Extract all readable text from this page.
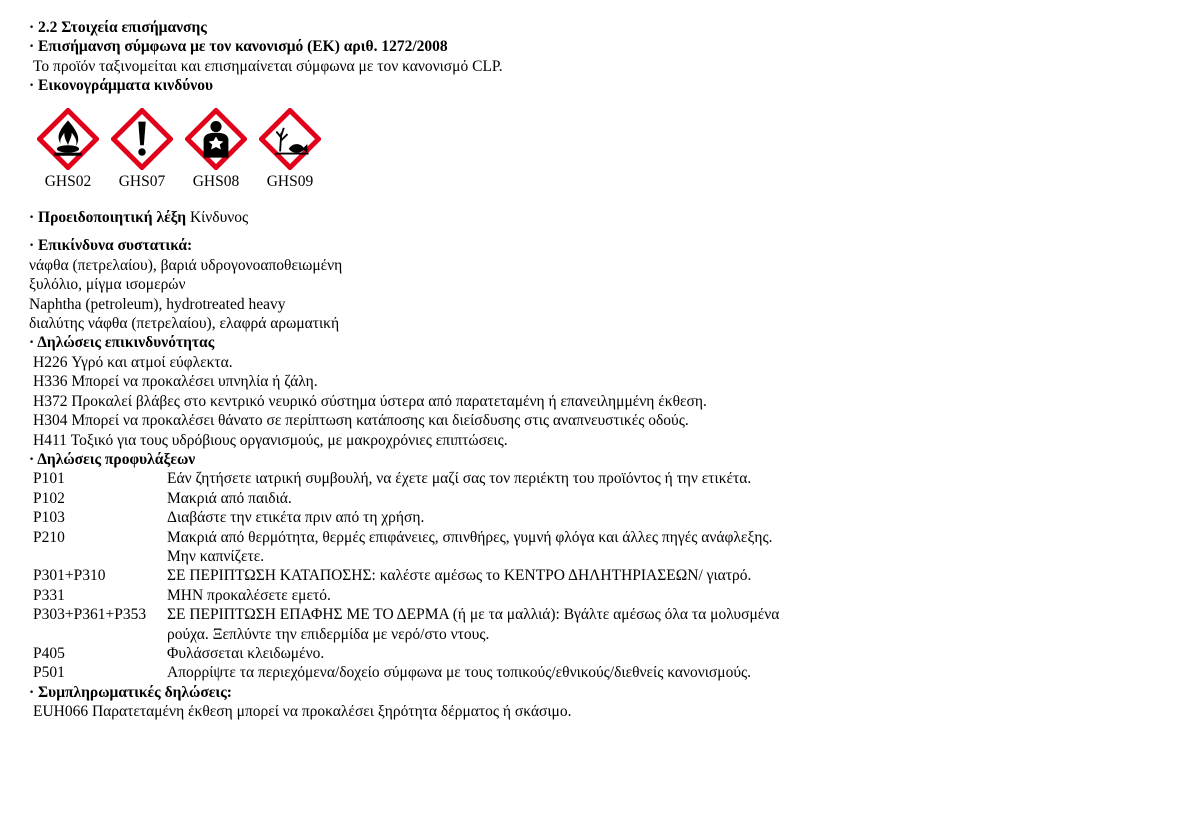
· 2.2 Στοιχεία επισήμανσης
· Επισήμανση σύμφωνα με τον κανονισμό (ΕΚ) αριθ. 1272/2008
Το προϊόν ταξινομείται και επισημαίνεται σύμφωνα με τον κανονισμό CLP.
· Εικονογράμματα κινδύνου
GHS02	GHS07	GHS08	GHS09
· Προειδοποιητική λέξη Κίνδυνος
· Επικίνδυνα συστατικά:
νάφθα (πετρελαίου), βαριά υδρογονοαποθειωμένη
ξυλόλιο, μίγμα ισομερών
Naphtha (petroleum), hydrotreated heavy
διαλύτης νάφθα (πετρελαίου), ελαφρά αρωματική
· Δηλώσεις επικινδυνότητας
H226 Υγρό και ατμοί εύφλεκτα.
H336 Μπορεί να προκαλέσει υπνηλία ή ζάλη.
H372 Προκαλεί βλάβες στο κεντρικό νευρικό σύστημα ύστερα από παρατεταμένη ή επανειλημμένη έκθεση.
H304 Μπορεί να προκαλέσει θάνατο σε περίπτωση κατάποσης και διείσδυσης στις αναπνευστικές οδούς.
H411 Τοξικό για τους υδρόβιους οργανισμούς, με μακροχρόνιες επιπτώσεις.
· Δηλώσεις προφυλάξεων
P101	Εάν ζητήσετε ιατρική συμβουλή, να έχετε μαζί σας τον περιέκτη του προϊόντος ή την ετικέτα.
P102	Μακριά από παιδιά.
P103	Διαβάστε την ετικέτα πριν από τη χρήση.
P210	Μακριά από θερμότητα, θερμές επιφάνειες, σπινθήρες, γυμνή φλόγα και άλλες πηγές ανάφλεξης. Μην καπνίζετε.
P301+P310	ΣΕ ΠΕΡΙΠΤΩΣΗ ΚΑΤΑΠΟΣΗΣ: καλέστε αμέσως το ΚΕΝΤΡΟ ΔΗΛΗΤΗΡΙΑΣΕΩΝ/ γιατρό.
P331	ΜΗΝ προκαλέσετε εμετό.
P303+P361+P353	ΣΕ ΠΕΡΙΠΤΩΣΗ ΕΠΑΦΗΣ ΜΕ ΤΟ ΔΕΡΜΑ (ή με τα μαλλιά): Βγάλτε αμέσως όλα τα μολυσμένα ρούχα. Ξεπλύντε την επιδερμίδα με νερό/στο ντους.
P405	Φυλάσσεται κλειδωμένο.
P501	Απορρίψτε τα περιεχόμενα/δοχείο σύμφωνα με τους τοπικούς/εθνικούς/διεθνείς κανονισμούς.
· Συμπληρωματικές δηλώσεις:
EUH066 Παρατεταμένη έκθεση μπορεί να προκαλέσει ξηρότητα δέρματος ή σκάσιμο.
